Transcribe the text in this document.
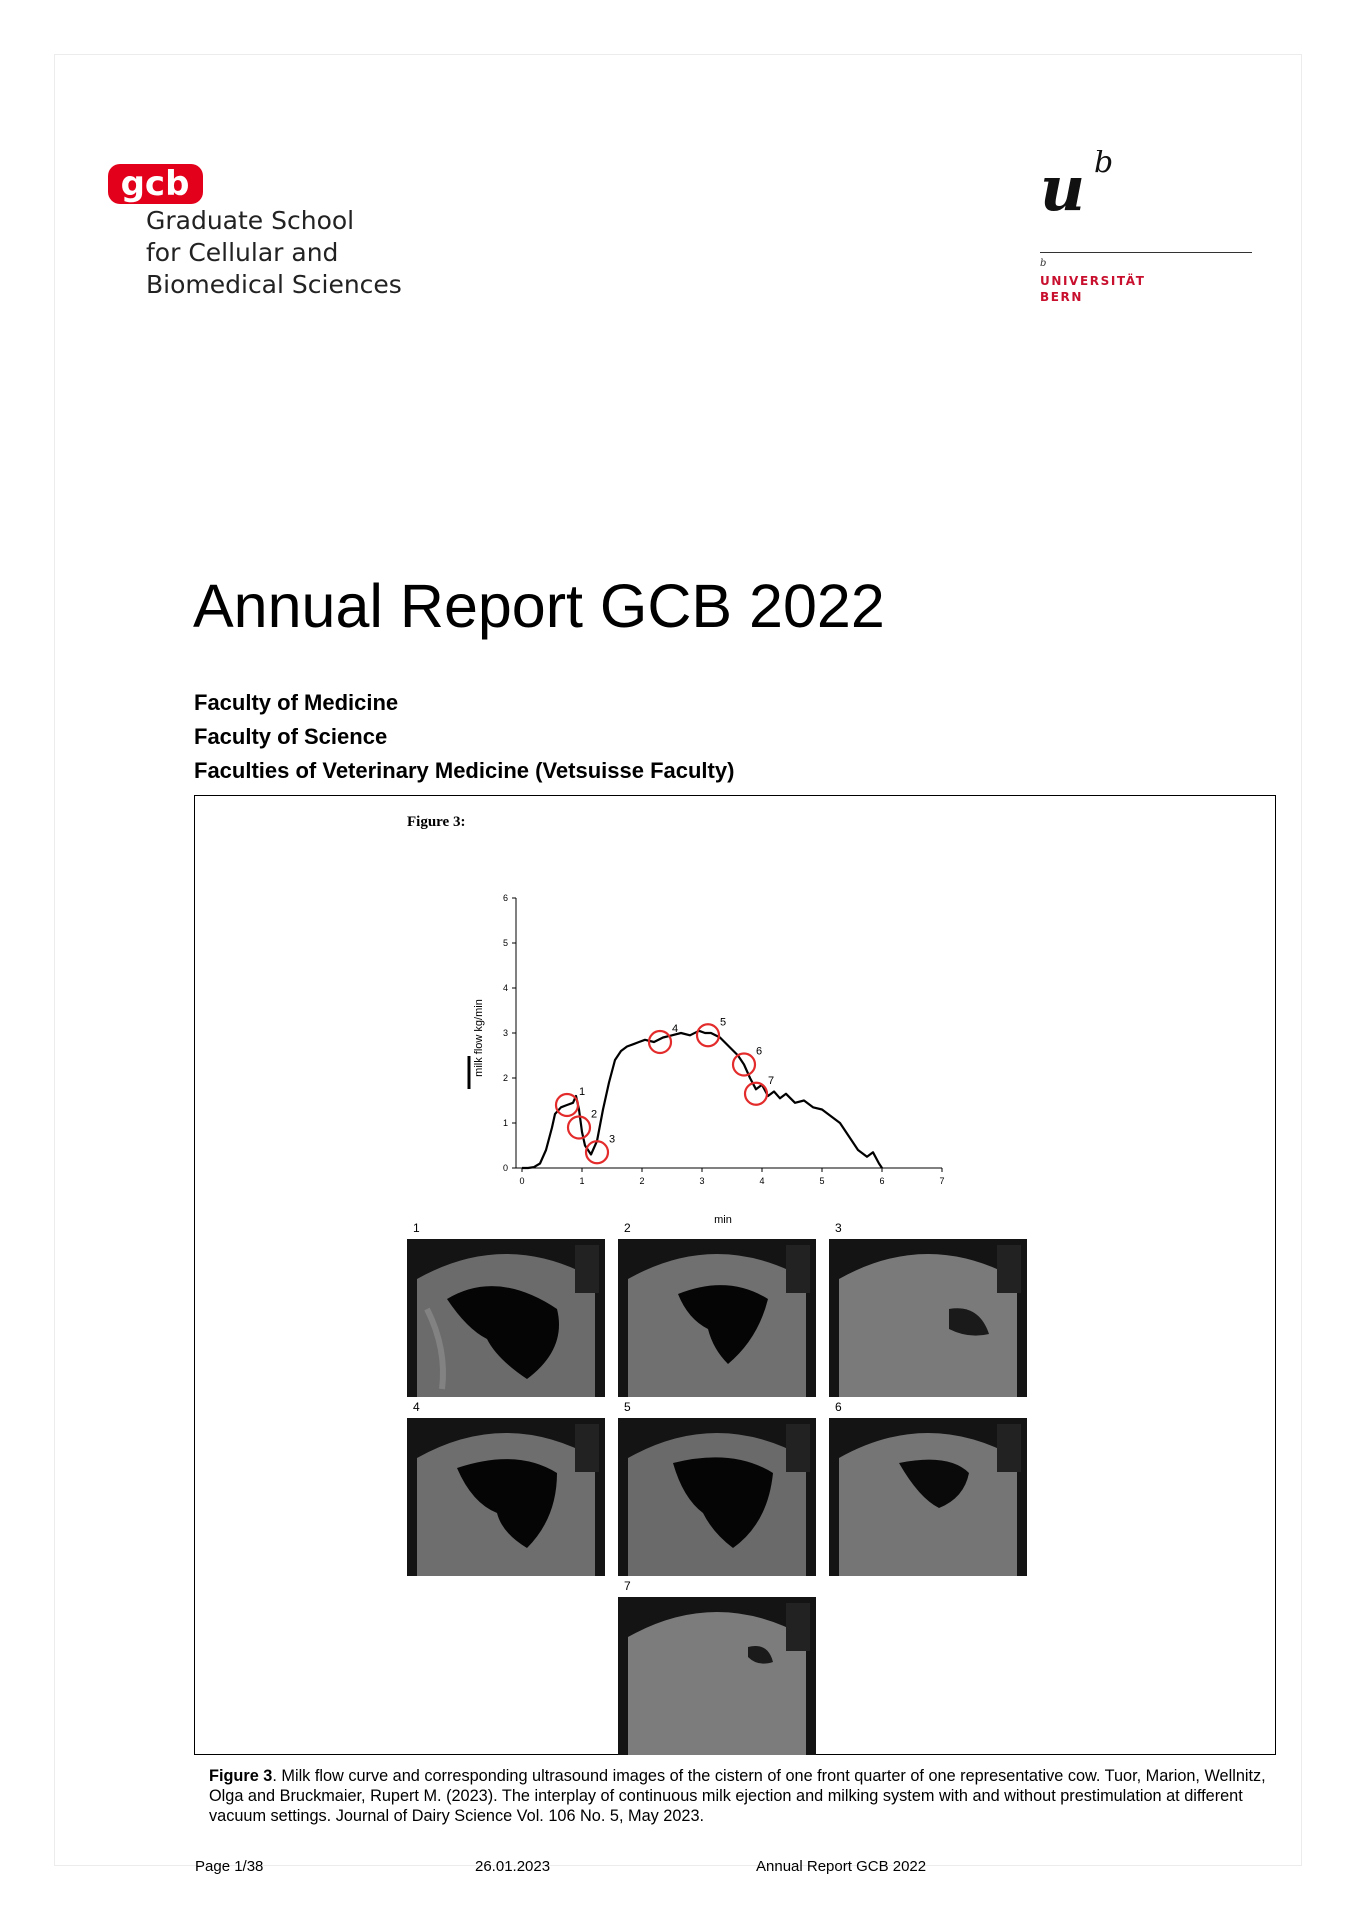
gcb
Graduate School
for Cellular and
Biomedical Sciences
u b
b
UNIVERSITÄT
BERN
Annual Report GCB 2022
Faculty of Medicine
Faculty of Science
Faculties of Veterinary Medicine (Vetsuisse Faculty)
Figure 3:
0	1	2	3	4	5	6	7
0
1
2
3
4
5
6
1
2
3
4
5
6
7
milk flow kg/min
min
1	2	3
4	5	6
7
Figure 3. Milk flow curve and corresponding ultrasound images of the cistern of one front quarter of one representative cow. Tuor, Marion, Wellnitz, Olga and Bruckmaier, Rupert M. (2023). The interplay of continuous milk ejection and milking system with and without prestimulation at different vacuum settings. Journal of Dairy Science Vol. 106 No. 5, May 2023.
Page 1/38	26.01.2023	Annual Report GCB 2022
